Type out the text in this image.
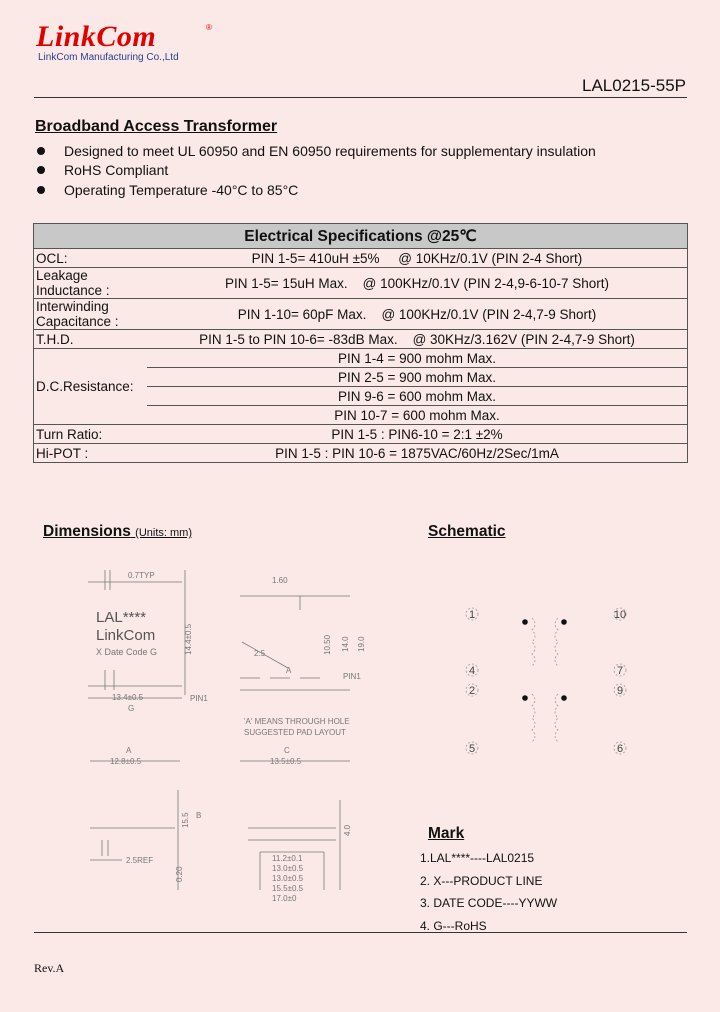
LinkCom	®
LinkCom Manufacturing Co.,Ltd
LAL0215-55P
Broadband Access Transformer
Designed to meet UL 60950 and EN 60950 requirements for supplementary insulation
RoHS Compliant
Operating Temperature -40°C to 85°C
Electrical Specifications @25℃	
OCL:	PIN 1-5= 410uH ±5%     @ 10KHz/0.1V (PIN 2-4 Short)
Leakage
Inductance :	PIN 1-5= 15uH Max.    @ 100KHz/0.1V (PIN 2-4,9-6-10-7 Short)
Interwinding
Capacitance :	PIN 1-10= 60pF Max.    @ 100KHz/0.1V (PIN 2-4,7-9 Short)
T.H.D.	PIN 1-5 to PIN 10-6= -83dB Max.    @ 30KHz/3.162V (PIN 2-4,7-9 Short)
D.C.Resistance:	PIN 1-4 = 900 mohm Max.
	PIN 2-5 = 900 mohm Max.
	PIN 9-6 = 600 mohm Max.
	PIN 10-7 = 600 mohm Max.
Turn Ratio:	PIN 1-5 : PIN6-10 = 2:1 ±2%
Hi-POT :	PIN 1-5 : PIN 10-6 = 1875VAC/60Hz/2Sec/1mA
Dimensions (Units: mm)
0.7TYP
LAL****
LinkCom
X Date Code G
13.4±0.5
G
PIN1
14.4±0.5
1.60
2.5	10.50 14.0 19.0
A
PIN1
'A' MEANS THROUGH HOLE
SUGGESTED PAD LAYOUT
A
12.8±0.5
C
13.5±0.5
2.5REF
15.5 B
0.20
11.2±0.1
13.0±0.5
13.0±0.5
15.5±0.5
17.0±0
4.0
Schematic
1	10
4	7
2	9
5	6
Mark
1.LAL****----LAL0215
2. X---PRODUCT LINE
3. DATE CODE----YYWW
4. G---RoHS
Rev.A
